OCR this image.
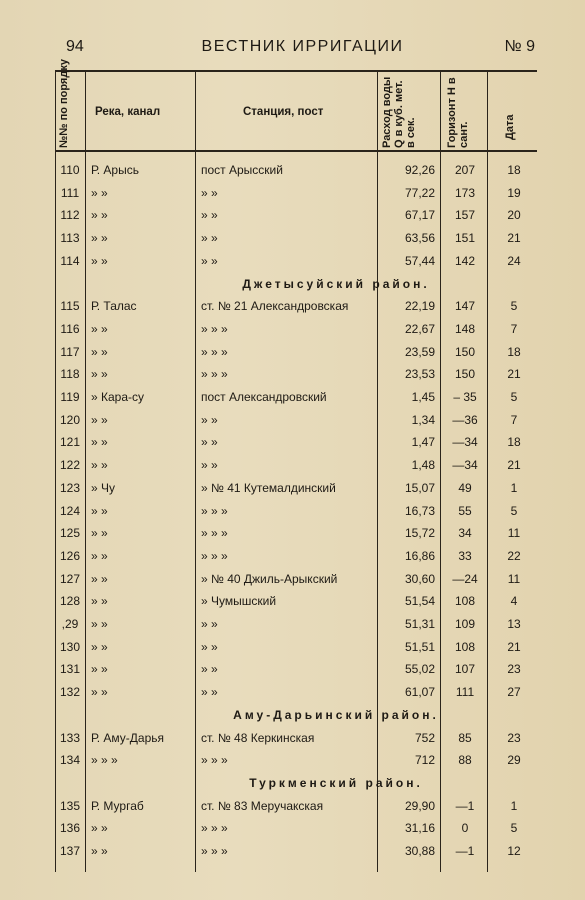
94	ВЕСТНИК ИРРИГАЦИИ	№ 9
№№ по порядку Река, канал	Станция, пост	Расход воды Q в куб. мет. в сек.	Горизонт H в сант.	Дата
110 Р. Арысь	пост Арысский	92,26	207	18
111 » »	» »	77,22	173	19
112 » »	» »	67,17	157	20
113 » »	» »	63,56	151	21
114 » »	» »	57,44	142	24
Джетысуйский район.
115 Р. Талас	ст. № 21 Александровская	22,19	147	5
116 » »	» » »	22,67	148	7
117 » »	» » »	23,59	150	18
118 » »	» » »	23,53	150	21
119 » Кара-су	пост Александровский	1,45	– 35	5
120 » »	» »	1,34	—36	7
121 » »	» »	1,47	—34	18
122 » »	» »	1,48	—34	21
123 » Чу	» № 41 Кутемалдинский	15,07	49	1
124 » »	» » »	16,73	55	5
125 » »	» » »	15,72	34	11
126 » »	» » »	16,86	33	22
127 » »	» № 40 Джиль-Арыкский	30,60	—24	11
128 » »	» Чумышский	51,54	108	4
,29	» »	» »	51,31	109	13
130 » »	» »	51,51	108	21
131 » »	» »	55,02	107	23
132 » »	» »	61,07	111	27
Аму-Дарьинский район.
133 Р. Аму-Дарья	ст. № 48 Керкинская	752	85	23
134 » » »	» » »	712	88	29
Туркменский район.
135 Р. Мургаб	ст. № 83 Меручакская	29,90	—1	1
136 » »	» » »	31,16	0	5
137 » »	» » »	30,88	—1	12
